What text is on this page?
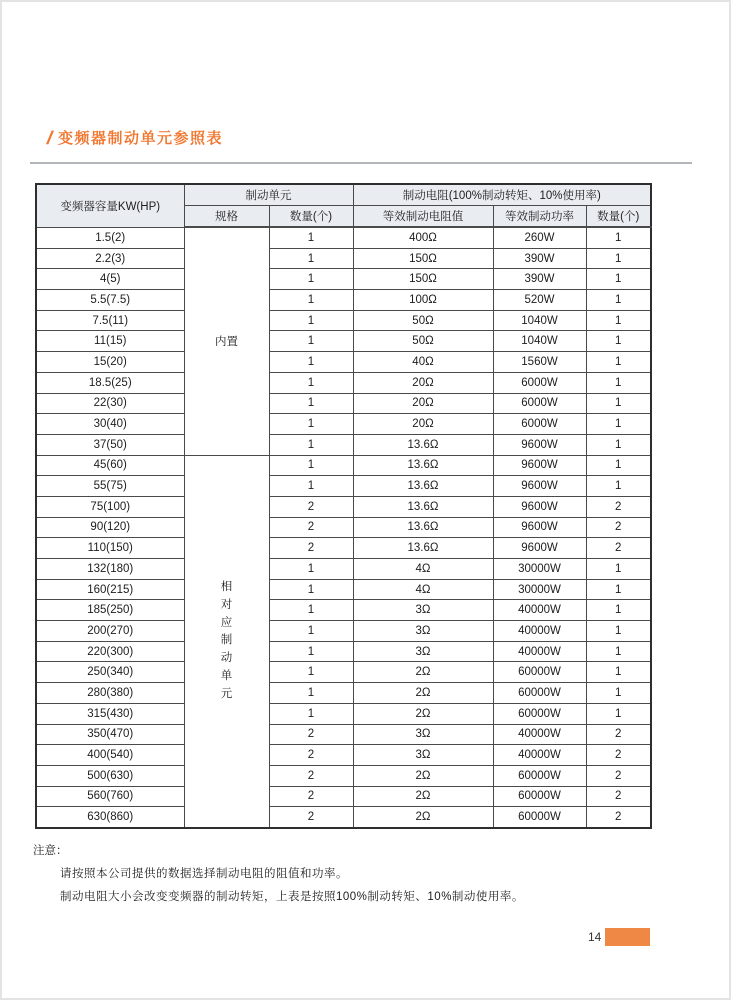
/ 变频器制动单元参照表
变频器容量KW(HP)	制动单元		制动电阻(100%制动转矩、10%使用率)		
	规格	数量(个)	等效制动电阻值	等效制动功率	数量(个)
1.5(2)	内置	1	400Ω	260W	1
2.2(3)		1	150Ω	390W	1
4(5)		1	150Ω	390W	1
5.5(7.5)		1	100Ω	520W	1
7.5(11)		1	50Ω	1040W	1
11(15)		1	50Ω	1040W	1
15(20)		1	40Ω	1560W	1
18.5(25)		1	20Ω	6000W	1
22(30)		1	20Ω	6000W	1
30(40)		1	20Ω	6000W	1
37(50)		1	13.6Ω	9600W	1
45(60)	相对应制动单元	1	13.6Ω	9600W	1
55(75)		1	13.6Ω	9600W	1
75(100)		2	13.6Ω	9600W	2
90(120)		2	13.6Ω	9600W	2
110(150)		2	13.6Ω	9600W	2
132(180)		1	4Ω	30000W	1
160(215)		1	4Ω	30000W	1
185(250)		1	3Ω	40000W	1
200(270)		1	3Ω	40000W	1
220(300)		1	3Ω	40000W	1
250(340)		1	2Ω	60000W	1
280(380)		1	2Ω	60000W	1
315(430)		1	2Ω	60000W	1
350(470)		2	3Ω	40000W	2
400(540)		2	3Ω	40000W	2
500(630)		2	2Ω	60000W	2
560(760)		2	2Ω	60000W	2
630(860)		2	2Ω	60000W	2
注意：
请按照本公司提供的数据选择制动电阻的阻值和功率。
制动电阻大小会改变变频器的制动转矩，上表是按照100%制动转矩、10%制动使用率。
14
